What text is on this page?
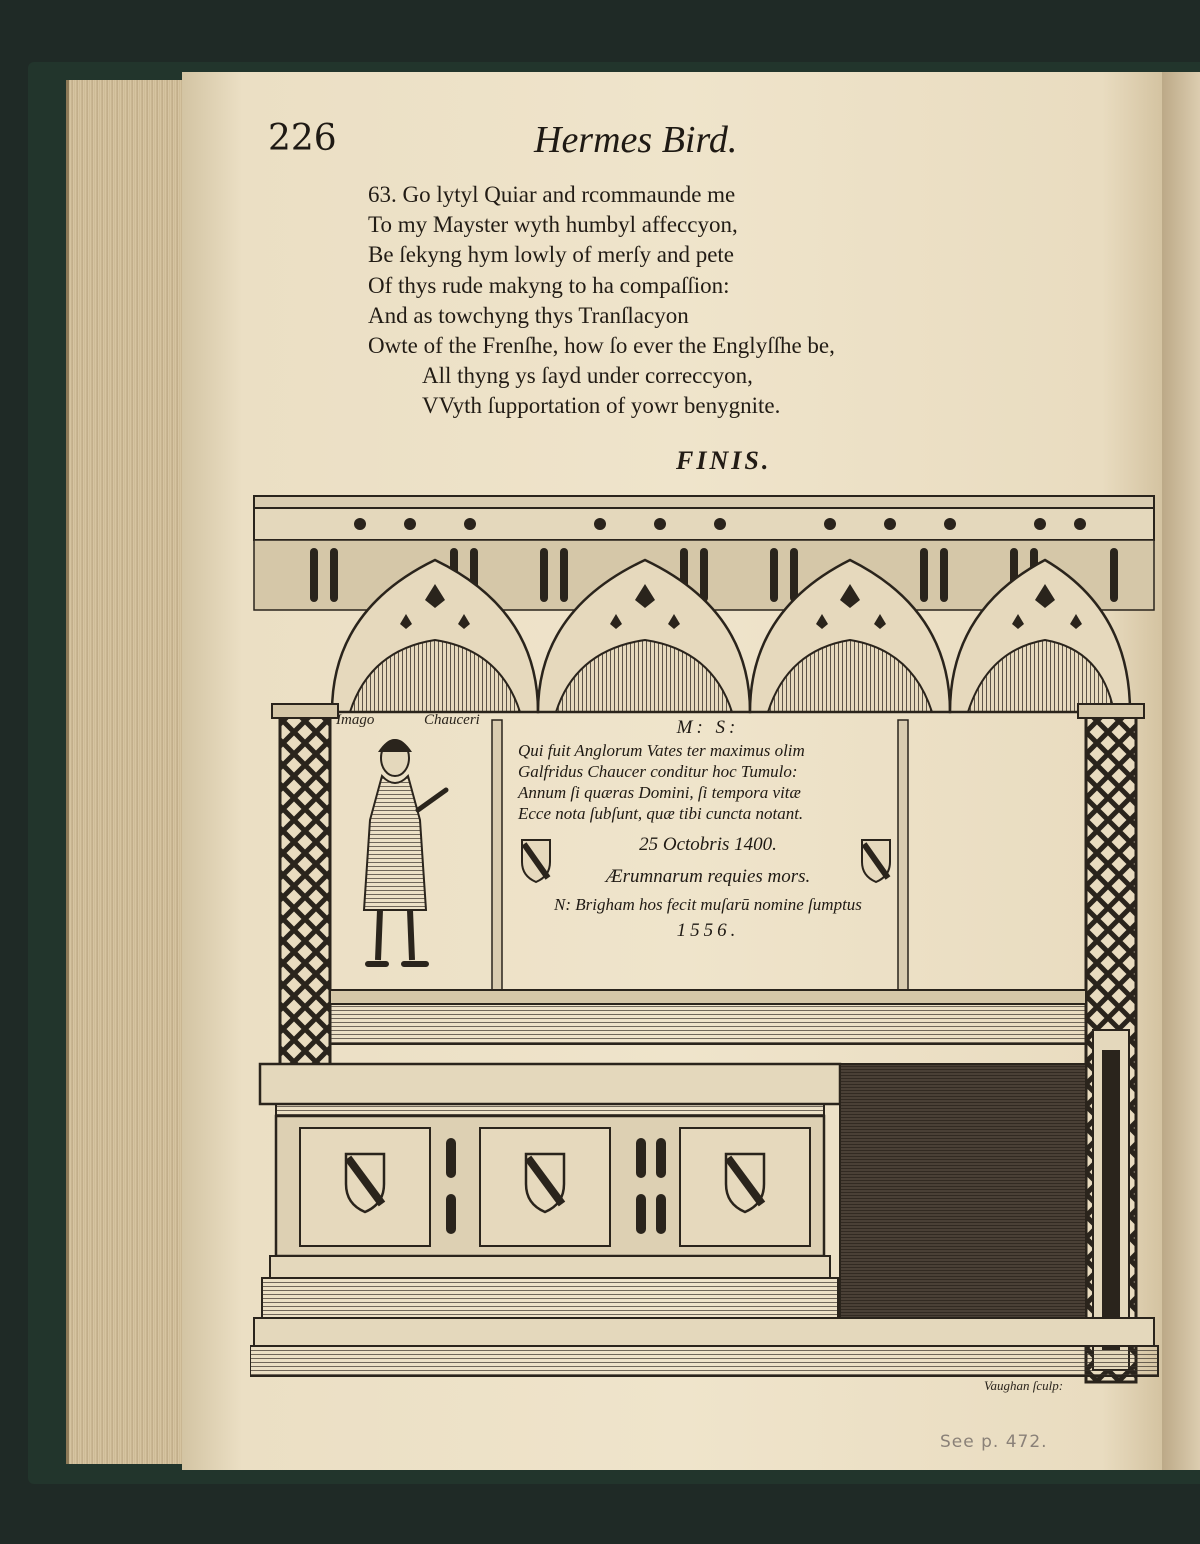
226	Hermes Bird.
63. Go lytyl Quiar and rcommaunde me
To my Mayster wyth humbyl affeccyon,
Be ſekyng hym lowly of merſy and pete
Of thys rude makyng to ha compaſſion:
And as towchyng thys Tranſlacyon
Owte of the Frenſhe, how ſo ever the Englyſſhe be,
All thyng ys ſayd under correccyon,
VVyth ſupportation of yowr benygnite.
FINIS.
Imago	Chauceri	M: S:
Qui fuit Anglorum Vates ter maximus olim
Galfridus Chaucer conditur hoc Tumulo:
Annum ſi quæras Domini, ſi tempora vitæ
Ecce nota ſubſunt, quæ tibi cuncta notant.
25 Octobris 1400.
Ærumnarum requies mors.
N: Brigham hos fecit muſarū nomine ſumptus
1556.
Vaughan ſculp:
See p. 472.
